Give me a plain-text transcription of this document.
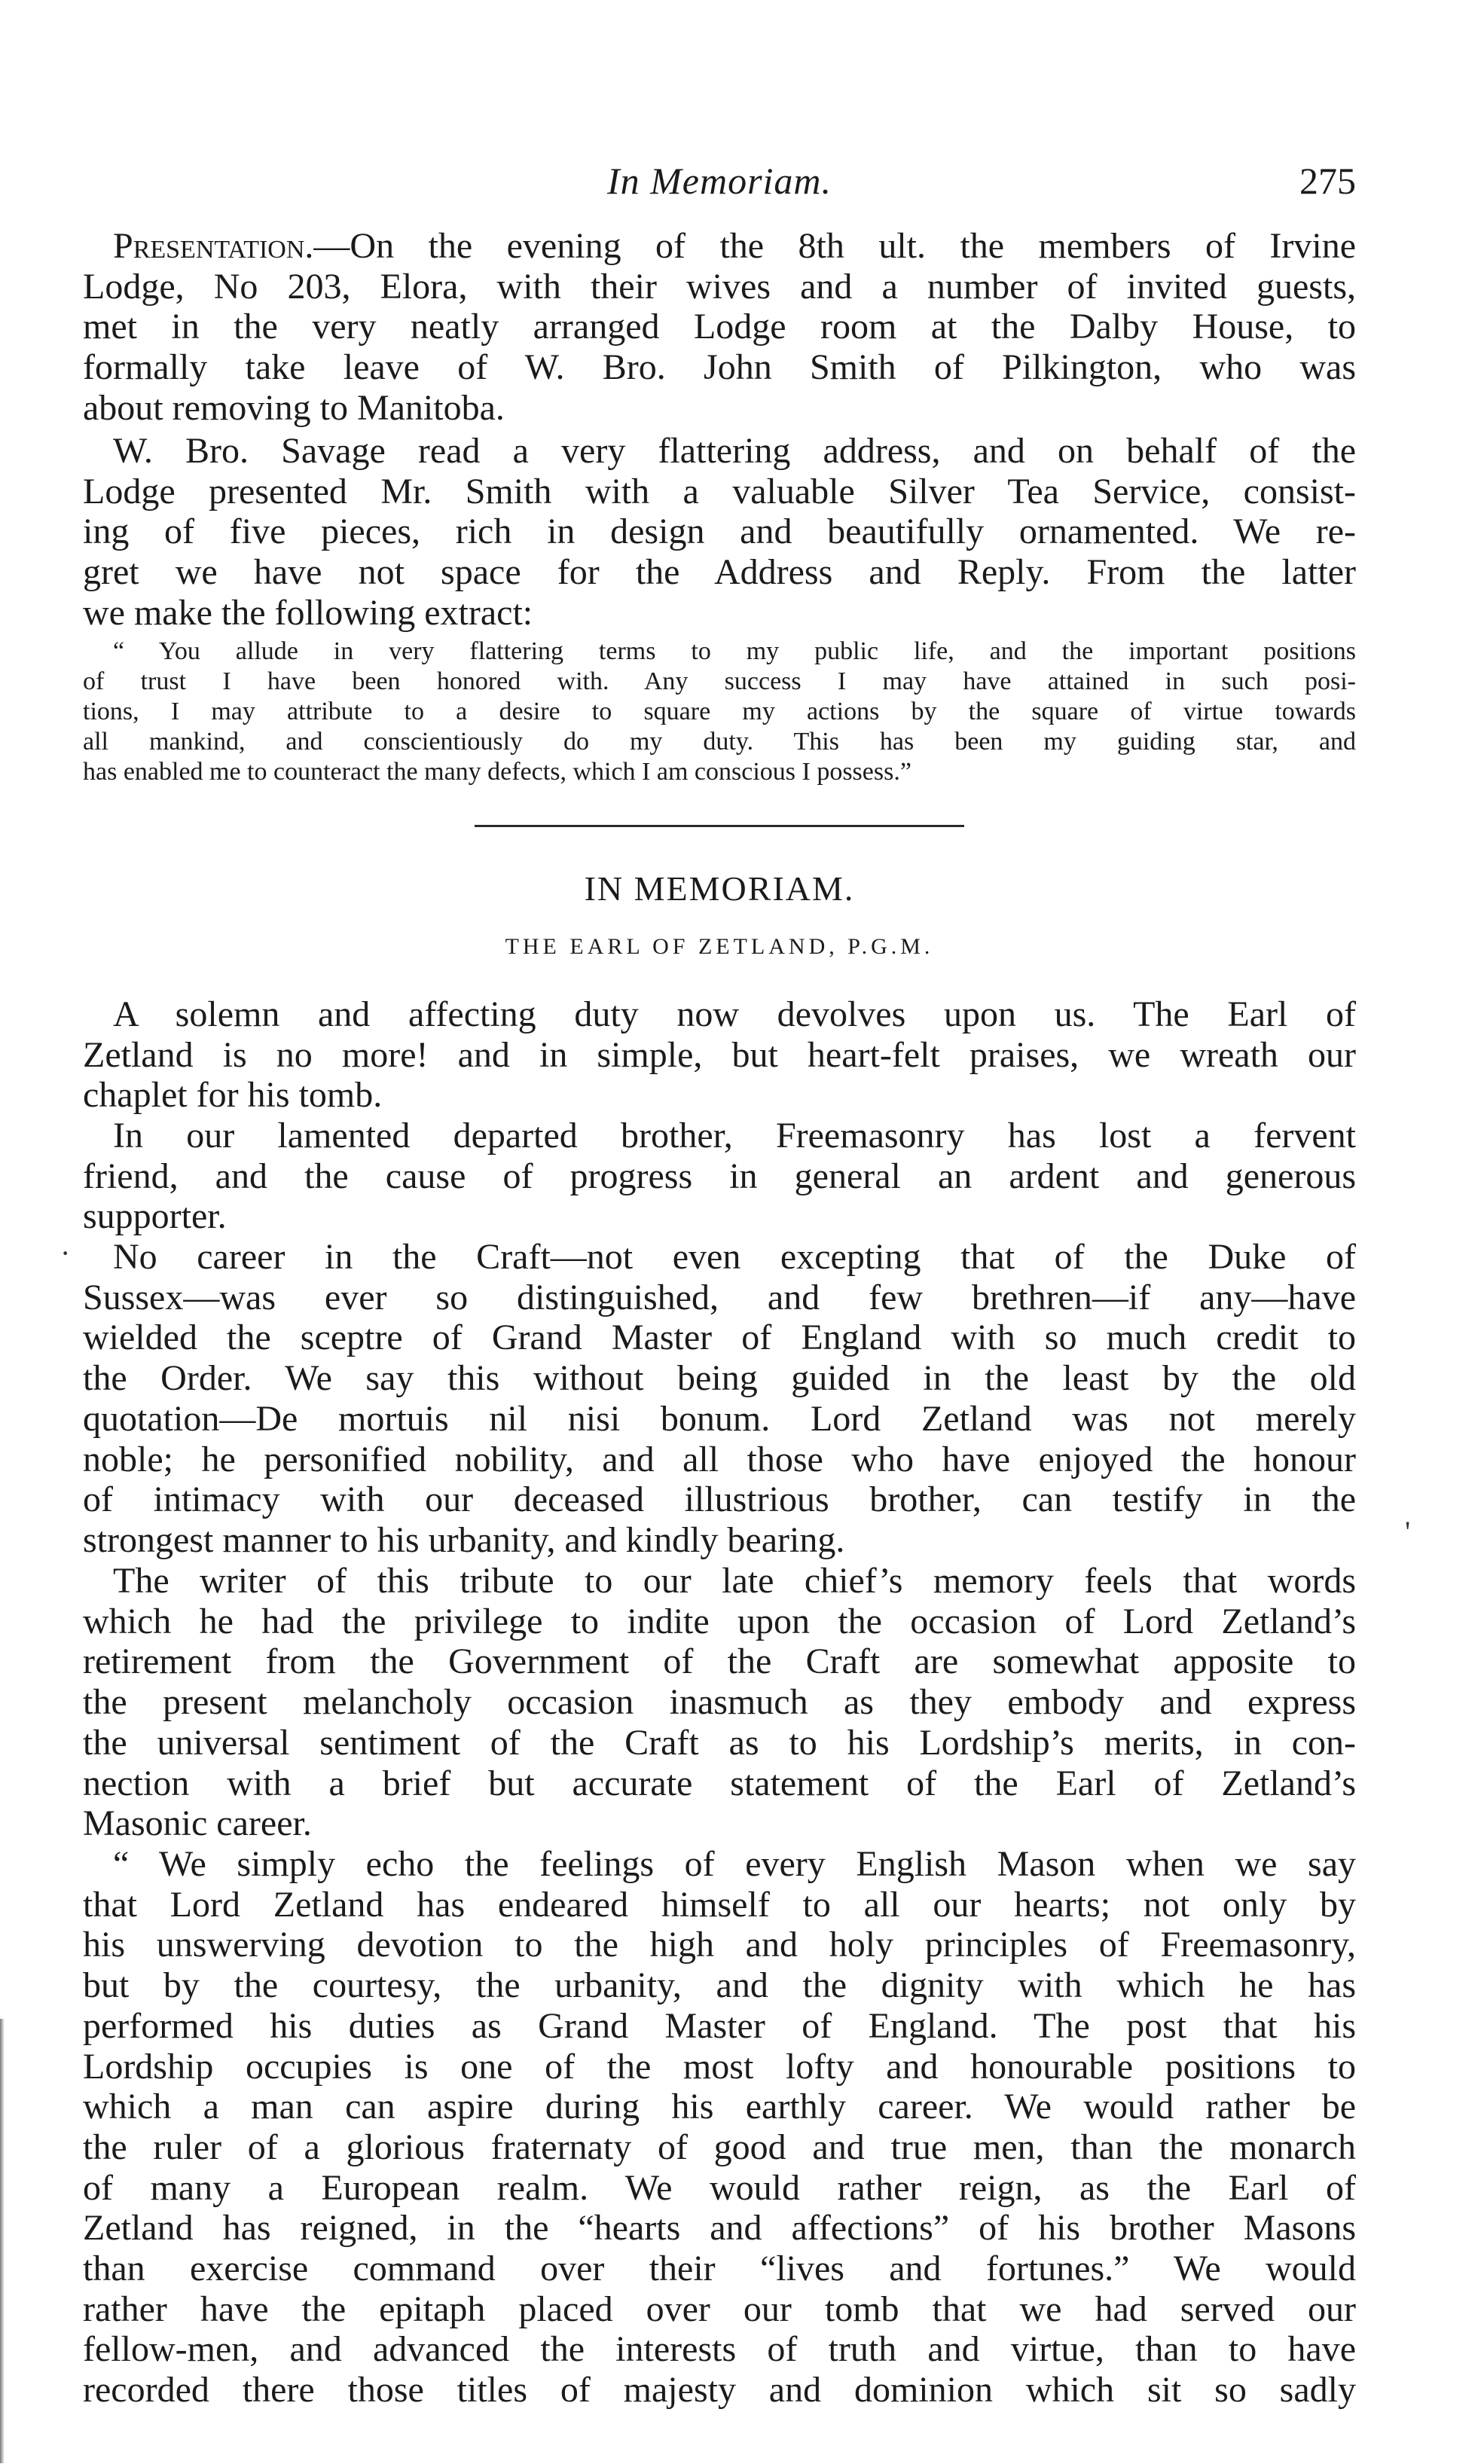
In Memoriam.	275
Presentation.—On the evening of the 8th ult. the members of Irvine
Lodge, No 203, Elora, with their wives and a number of invited guests,
met in the very neatly arranged Lodge room at the Dalby House, to
formally take leave of W. Bro. John Smith of Pilkington, who was
about removing to Manitoba.
W. Bro. Savage read a very flattering address, and on behalf of the
Lodge presented Mr. Smith with a valuable Silver Tea Service, consist-
ing of five pieces, rich in design and beautifully ornamented. We re-
gret we have not space for the Address and Reply. From the latter
we make the following extract:
“ You allude in very flattering terms to my public life, and the important positions
of trust I have been honored with. Any success I may have attained in such posi-
tions, I may attribute to a desire to square my actions by the square of virtue towards
all mankind, and conscientiously do my duty. This has been my guiding star, and
has enabled me to counteract the many defects, which I am conscious I possess.”
IN MEMORIAM.
THE EARL OF ZETLAND, P.G.M.
A solemn and affecting duty now devolves upon us. The Earl of
Zetland is no more! and in simple, but heart-felt praises, we wreath our
chaplet for his tomb.
In our lamented departed brother, Freemasonry has lost a fervent
friend, and the cause of progress in general an ardent and generous
supporter.
No career in the Craft—not even excepting that of the Duke of
Sussex—was ever so distinguished, and few brethren—if any—have
wielded the sceptre of Grand Master of England with so much credit to
the Order. We say this without being guided in the least by the old
quotation—De mortuis nil nisi bonum. Lord Zetland was not merely
noble; he personified nobility, and all those who have enjoyed the honour
of intimacy with our deceased illustrious brother, can testify in the
strongest manner to his urbanity, and kindly bearing.
The writer of this tribute to our late chief’s memory feels that words
which he had the privilege to indite upon the occasion of Lord Zetland’s
retirement from the Government of the Craft are somewhat apposite to
the present melancholy occasion inasmuch as they embody and express
the universal sentiment of the Craft as to his Lordship’s merits, in con-
nection with a brief but accurate statement of the Earl of Zetland’s
Masonic career.
“ We simply echo the feelings of every English Mason when we say
that Lord Zetland has endeared himself to all our hearts; not only by
his unswerving devotion to the high and holy principles of Freemasonry,
but by the courtesy, the urbanity, and the dignity with which he has
performed his duties as Grand Master of England. The post that his
Lordship occupies is one of the most lofty and honourable positions to
which a man can aspire during his earthly career. We would rather be
the ruler of a glorious fraternaty of good and true men, than the monarch
of many a European realm. We would rather reign, as the Earl of
Zetland has reigned, in the “hearts and affections” of his brother Masons
than exercise command over their “lives and fortunes.” We would
rather have the epitaph placed over our tomb that we had served our
fellow-men, and advanced the interests of truth and virtue, than to have
recorded there those titles of majesty and dominion which sit so sadly
'
·
